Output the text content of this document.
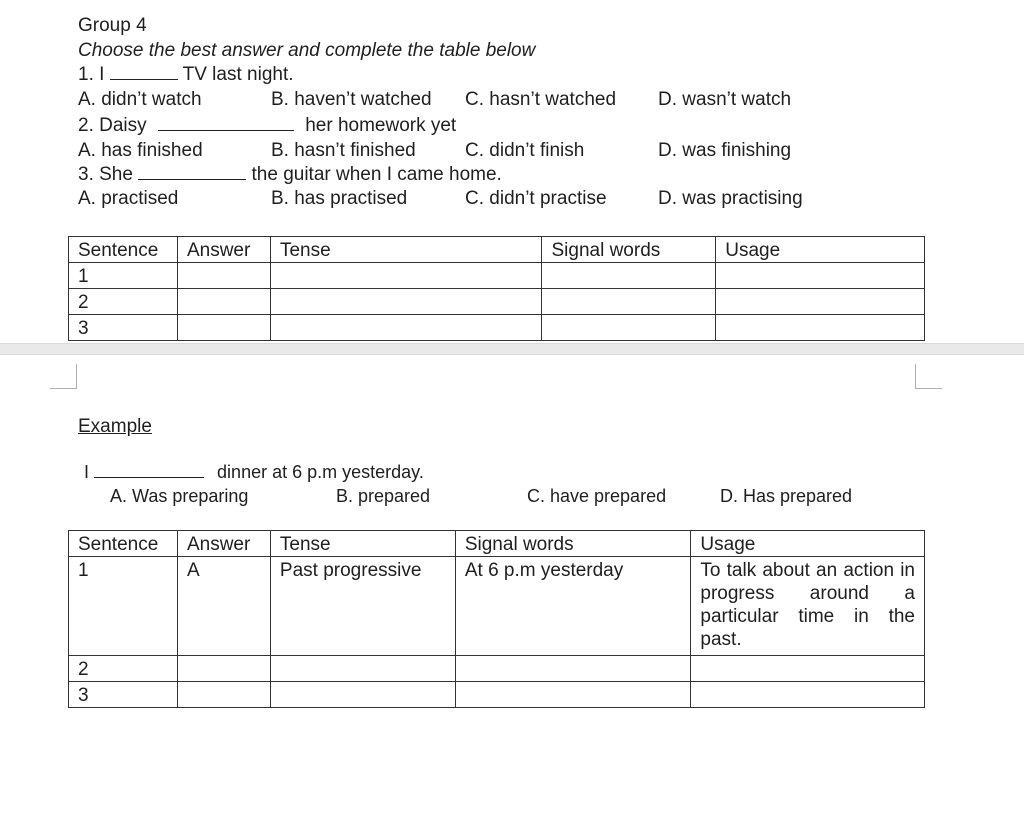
Group 4
Choose the best answer and complete the table below
1. I	TV last night.
A. didn’t watch	B. haven’t watched C. hasn’t watched D. wasn’t watch
2. Daisy	her homework yet
A. has finished	B. hasn’t finished	C. didn’t finish	D. was finishing
3. She	the guitar when I came home.
A. practised	B. has practised	C. didn’t practise	D. was practising
Sentence	Answer	Tense	Signal words	Usage
1				
2				
3				
Example
I	dinner at 6 p.m yesterday.
A. Was preparing	B. prepared	C. have prepared	D. Has prepared
Sentence	Answer	Tense	Signal words	Usage
1	A	Past progressive	At 6 p.m yesterday	To talk about an action in progress around a particular time in the past.
2				
3				
